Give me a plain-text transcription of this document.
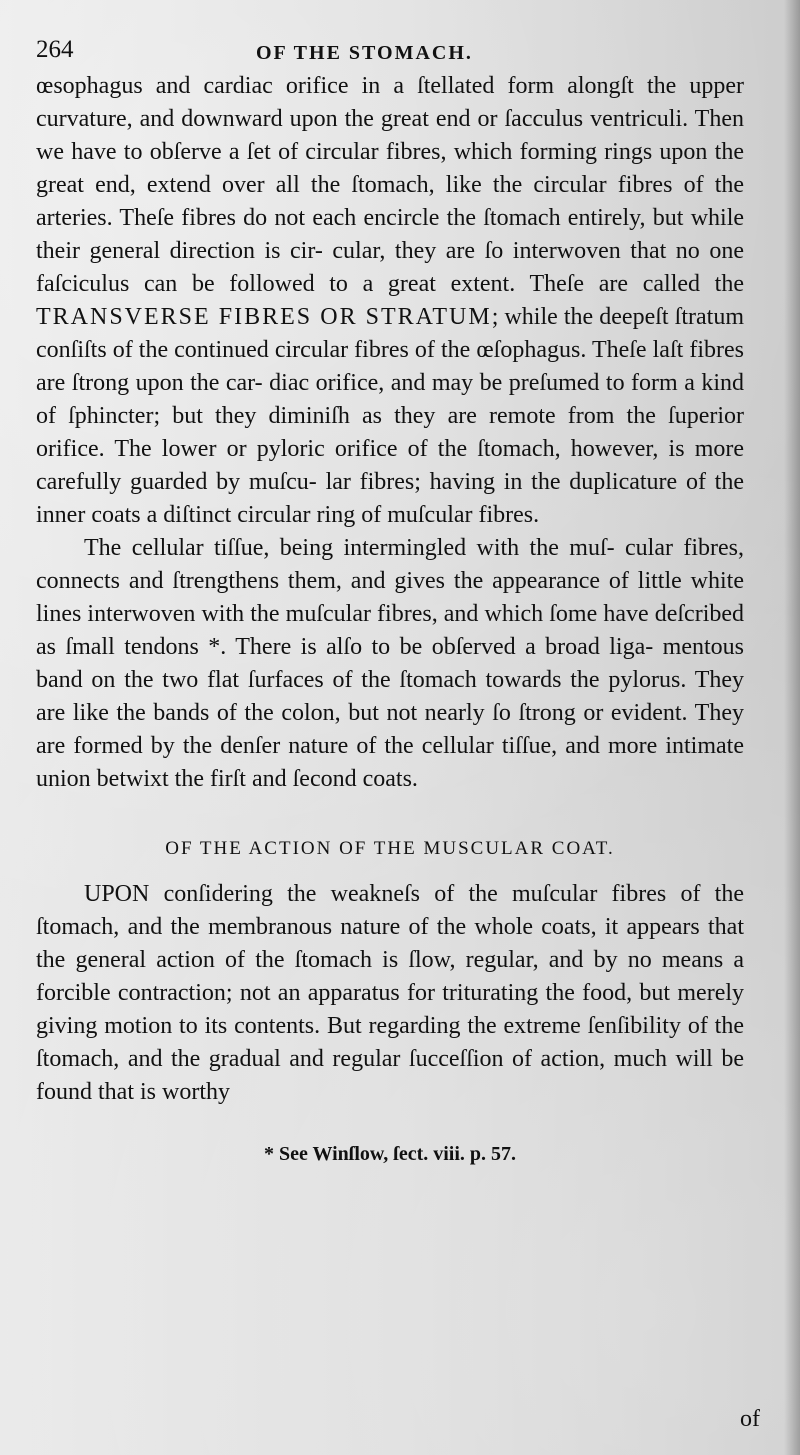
264	OF THE STOMACH.

œsophagus and cardiac orifice in a ſtellated form alongſt the upper curvature, and downward upon the great end or ſacculus ventriculi. Then we have to obſerve a ſet of circular fibres, which forming rings upon the great end, extend over all the ſtomach, like the circular fibres of the arteries. Theſe fibres do not each encircle the ſtomach entirely, but while their general direction is cir- cular, they are ſo interwoven that no one faſciculus can be followed to a great extent. Theſe are called the TRANSVERSE FIBRES OR STRATUM; while the deepeſt ſtratum conſiſts of the continued circular fibres of the œſophagus. Theſe laſt fibres are ſtrong upon the car- diac orifice, and may be preſumed to form a kind of ſphincter; but they diminiſh as they are remote from the ſuperior orifice. The lower or pyloric orifice of the ſtomach, however, is more carefully guarded by muſcu- lar fibres; having in the duplicature of the inner coats a diſtinct circular ring of muſcular fibres.

The cellular tiſſue, being intermingled with the muſ- cular fibres, connects and ſtrengthens them, and gives the appearance of little white lines interwoven with the muſcular fibres, and which ſome have deſcribed as ſmall tendons *. There is alſo to be obſerved a broad liga- mentous band on the two flat ſurfaces of the ſtomach towards the pylorus. They are like the bands of the colon, but not nearly ſo ſtrong or evident. They are formed by the denſer nature of the cellular tiſſue, and more intimate union betwixt the firſt and ſecond coats.

OF THE ACTION OF THE MUSCULAR COAT.

UPON conſidering the weakneſs of the muſcular fibres of the ſtomach, and the membranous nature of the whole coats, it appears that the general action of the ſtomach is ſlow, regular, and by no means a forcible contraction; not an apparatus for triturating the food, but merely giving motion to its contents. But regarding the extreme ſenſibility of the ſtomach, and the gradual and regular ſucceſſion of action, much will be found that is worthy

* See Winſlow, ſect. viii. p. 57.
of
